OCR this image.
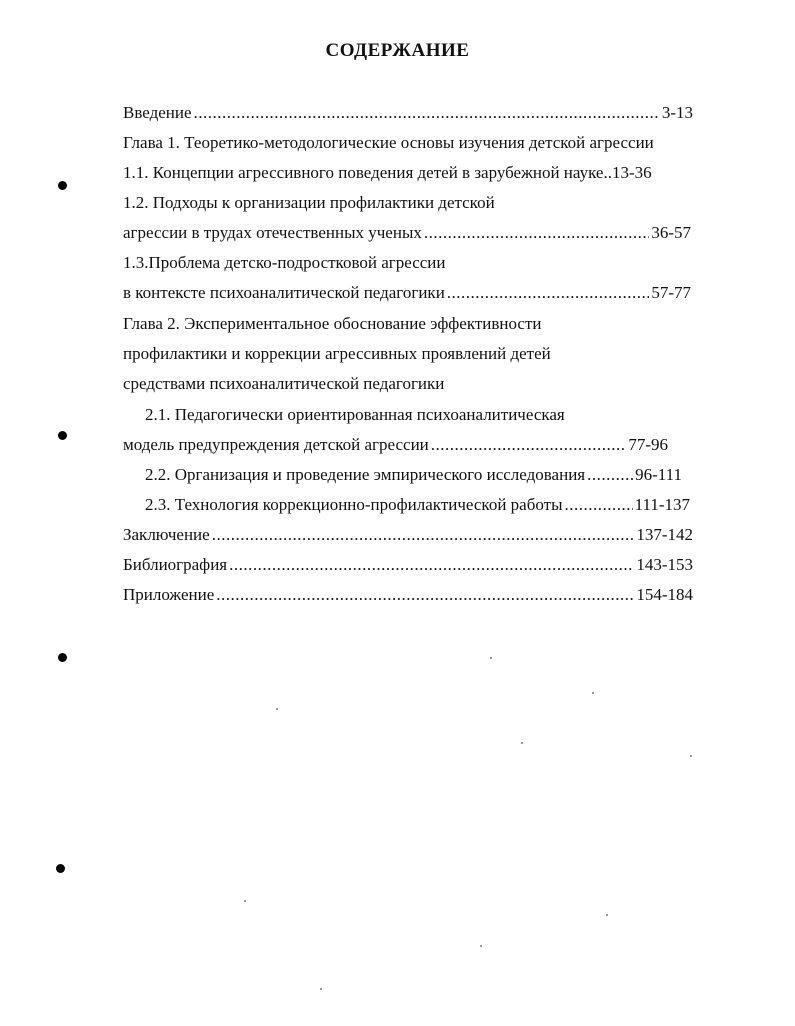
СОДЕРЖАНИЕ
Введение .....	3-13
Глава 1. Теоретико-методологические основы изучения детской агрессии
1.1. Концепции агрессивного поведения детей в зарубежной науке..13-36
1.2. Подходы к организации профилактики детской
агрессии в трудах отечественных ученых .....	36-57
1.3.Проблема детско-подростковой агрессии
в контексте психоаналитической педагогики .....	57-77
Глава 2. Экспериментальное обоснование эффективности
профилактики и коррекции агрессивных проявлений детей
средствами психоаналитической педагогики
2.1. Педагогически ориентированная психоаналитическая
модель предупреждения детской агрессии .....	77-96
2.2. Организация и проведение эмпирического исследования .....	96-111
2.3. Технология коррекционно-профилактической работы .....	111-137
Заключение .....	137-142
Библиография .....	143-153
Приложение .....	154-184
